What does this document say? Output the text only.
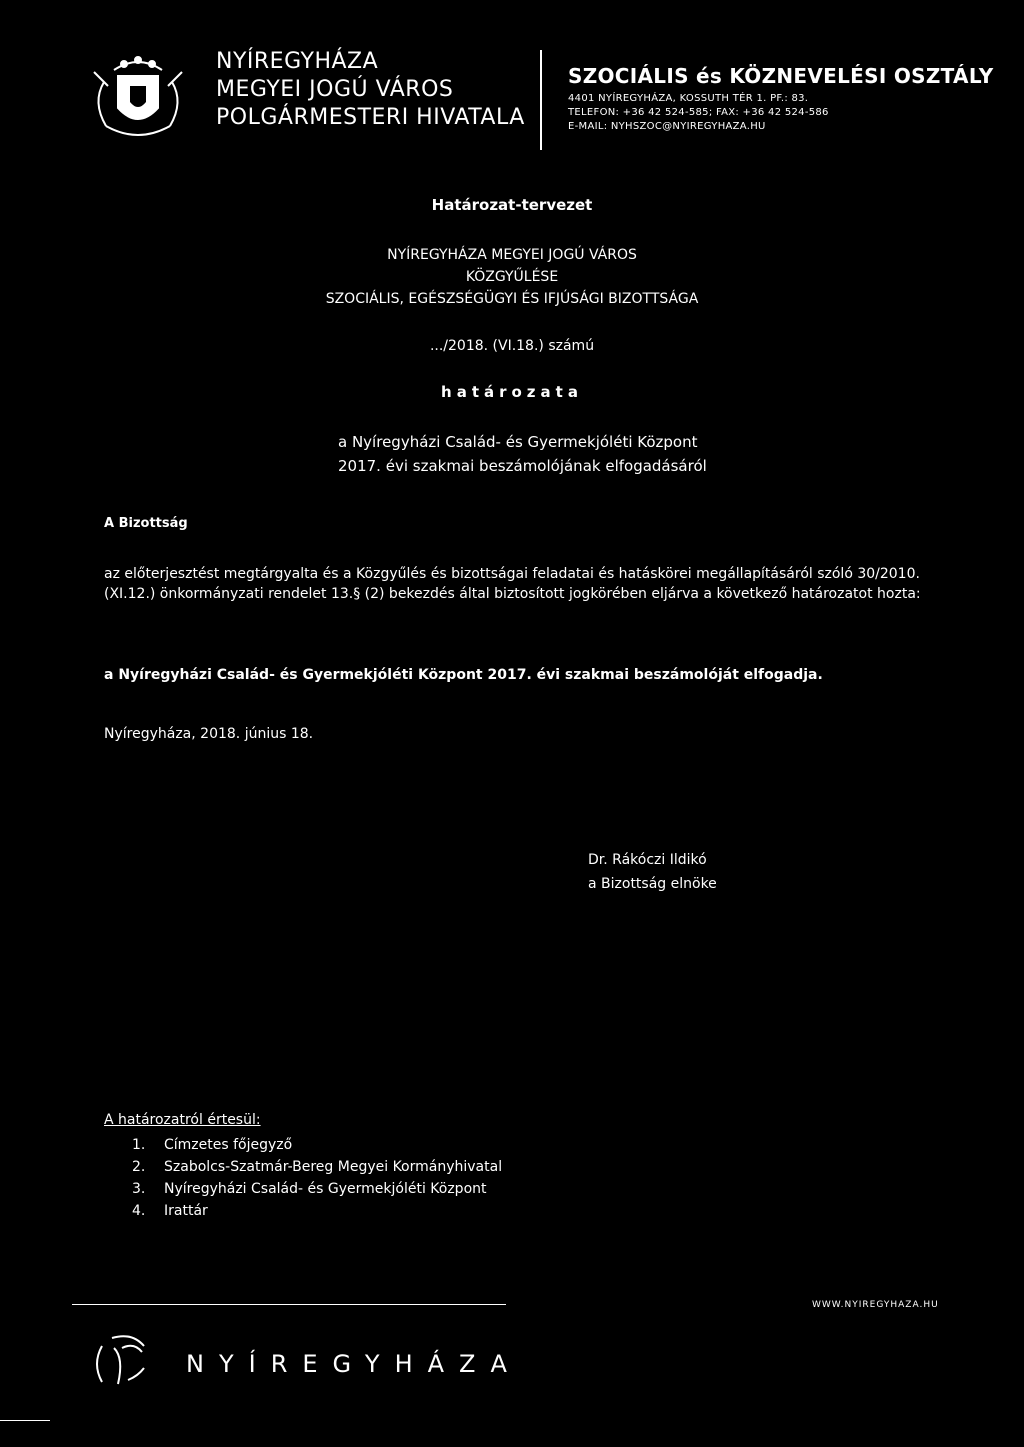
NYÍREGYHÁZA
MEGYEI JOGÚ VÁROS
POLGÁRMESTERI HIVATALA
SZOCIÁLIS és KÖZNEVELÉSI OSZTÁLY
4401 NYÍREGYHÁZA, KOSSUTH TÉR 1. PF.: 83.
TELEFON: +36 42 524-585; FAX: +36 42 524-586
E-MAIL: NYHSZOC@NYIREGYHAZA.HU
Határozat-tervezet
NYÍREGYHÁZA MEGYEI JOGÚ VÁROS
KÖZGYŰLÉSE
SZOCIÁLIS, EGÉSZSÉGÜGYI ÉS IFJÚSÁGI BIZOTTSÁGA
.../2018. (VI.18.) számú
határozata
a Nyíregyházi Család- és Gyermekjóléti Központ
2017. évi szakmai beszámolójának elfogadásáról
A Bizottság
az előterjesztést megtárgyalta és a Közgyűlés és bizottságai feladatai és hatáskörei megállapításáról szóló 30/2010.(XI.12.) önkormányzati rendelet 13.§ (2) bekezdés által biztosított jogkörében eljárva a következő határozatot hozta:
a Nyíregyházi Család- és Gyermekjóléti Központ 2017. évi szakmai beszámolóját elfogadja.
Nyíregyháza, 2018. június 18.
Dr. Rákóczi Ildikó
a Bizottság elnöke
A határozatról értesül:
1. Címzetes főjegyző
2. Szabolcs-Szatmár-Bereg Megyei Kormányhivatal
3. Nyíregyházi Család- és Gyermekjóléti Központ
4. Irattár
WWW.NYIREGYHAZA.HU
NYÍREGYHÁZA
